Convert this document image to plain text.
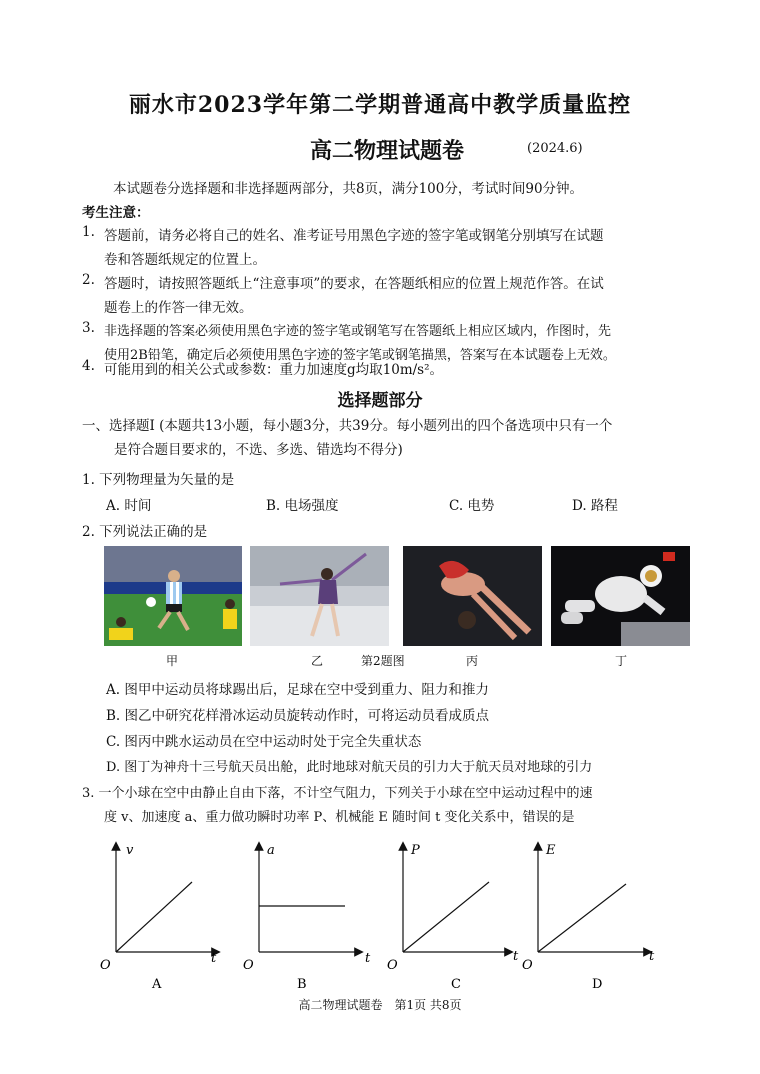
丽水市2023学年第二学期普通高中教学质量监控
高二物理试题卷	(2024.6)
本试题卷分选择题和非选择题两部分，共8页，满分100分，考试时间90分钟。
考生注意：
1. 答题前，请务必将自己的姓名、准考证号用黑色字迹的签字笔或钢笔分别填写在试题
卷和答题纸规定的位置上。
2. 答题时，请按照答题纸上“注意事项”的要求，在答题纸相应的位置上规范作答。在试
题卷上的作答一律无效。
3. 非选择题的答案必须使用黑色字迹的签字笔或钢笔写在答题纸上相应区域内，作图时，先
使用2B铅笔，确定后必须使用黑色字迹的签字笔或钢笔描黑，答案写在本试题卷上无效。
4. 可能用到的相关公式或参数：重力加速度g均取10m/s²。
选择题部分
一、选择题I (本题共13小题，每小题3分，共39分。每小题列出的四个备选项中只有一个
是符合题目要求的，不选、多选、错选均不得分)
1. 下列物理量为矢量的是
A. 时间	B. 电场强度	C. 电势	D. 路程
2. 下列说法正确的是
甲	乙	第2题图	丙	丁
A. 图甲中运动员将球踢出后，足球在空中受到重力、阻力和推力
B. 图乙中研究花样滑冰运动员旋转动作时，可将运动员看成质点
C. 图丙中跳水运动员在空中运动时处于完全失重状态
D. 图丁为神舟十三号航天员出舱，此时地球对航天员的引力大于航天员对地球的引力
3. 一个小球在空中由静止自由下落，不计空气阻力，下列关于小球在空中运动过程中的速
度 v、加速度 a、重力做功瞬时功率 P、机械能 E 随时间 t 变化关系中，错误的是
v
t
O
A
a
t
O
B
P
t
O
C
E
t
O
D
高二物理试题卷　第1页 共8页
